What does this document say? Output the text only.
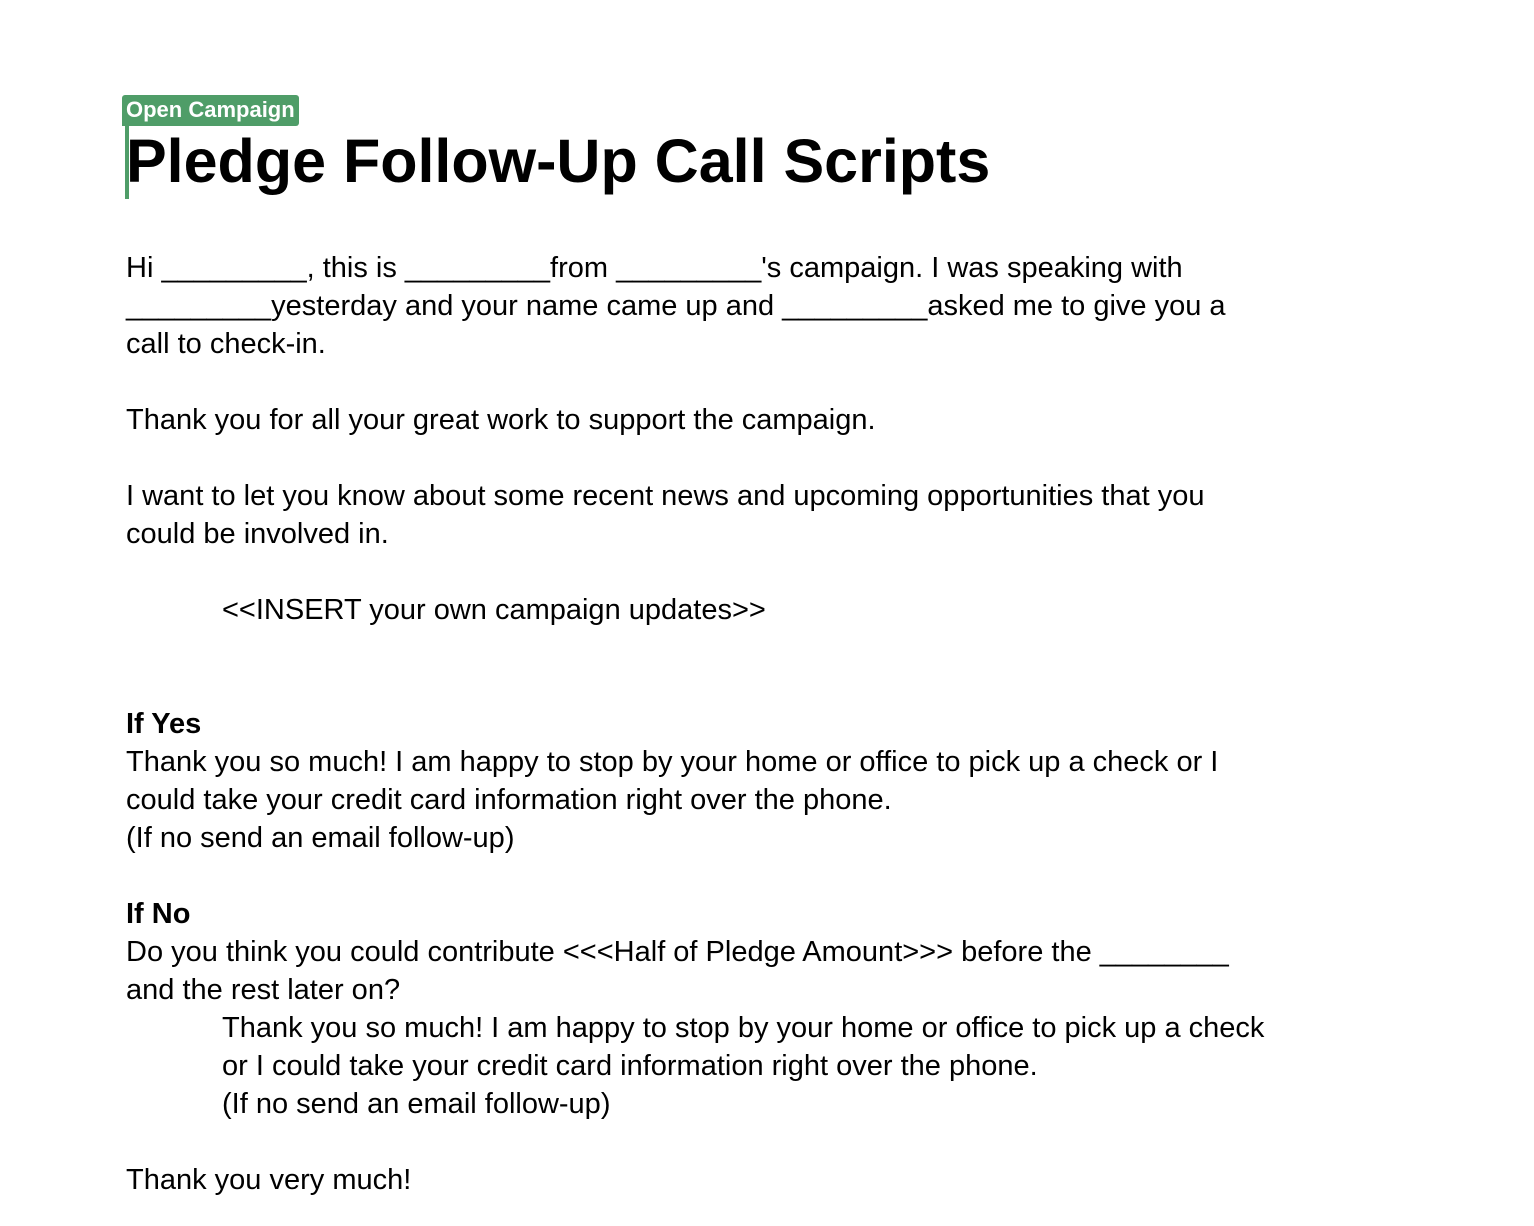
Open Campaign
Pledge Follow-Up Call Scripts

Hi _________, this is _________from _________'s campaign. I was speaking with

_________yesterday and your name came up and _________asked me to give you a

call to check-in.

Thank you for all your great work to support the campaign.

I want to let you know about some recent news and upcoming opportunities that you

could be involved in.

<<INSERT your own campaign updates>>

If Yes

Thank you so much! I am happy to stop by your home or office to pick up a check or I

could take your credit card information right over the phone.

(If no send an email follow-up)

If No

Do you think you could contribute <<<Half of Pledge Amount>>> before the ________

and the rest later on?

Thank you so much! I am happy to stop by your home or office to pick up a check

or I could take your credit card information right over the phone.

(If no send an email follow-up)

Thank you very much!
